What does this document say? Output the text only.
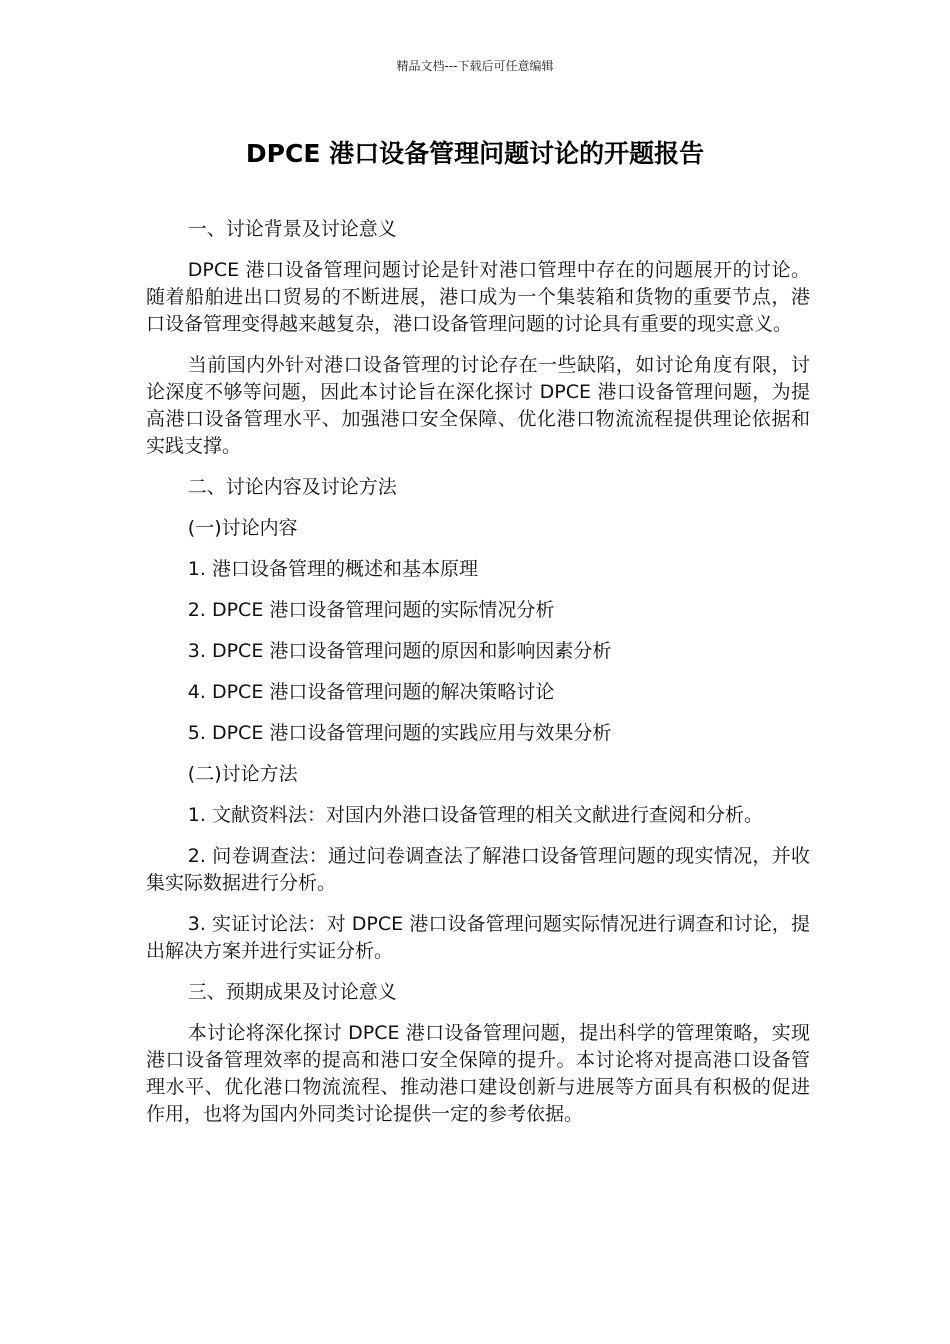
精品文档---下载后可任意编辑
DPCE 港口设备管理问题讨论的开题报告

一、讨论背景及讨论意义

DPCE 港口设备管理问题讨论是针对港口管理中存在的问题展开的讨论。随着船舶进出口贸易的不断进展，港口成为一个集装箱和货物的重要节点，港口设备管理变得越来越复杂，港口设备管理问题的讨论具有重要的现实意义。

当前国内外针对港口设备管理的讨论存在一些缺陷，如讨论角度有限，讨论深度不够等问题，因此本讨论旨在深化探讨 DPCE 港口设备管理问题，为提高港口设备管理水平、加强港口安全保障、优化港口物流流程提供理论依据和实践支撑。

二、讨论内容及讨论方法

(一)讨论内容

1. 港口设备管理的概述和基本原理

2. DPCE 港口设备管理问题的实际情况分析

3. DPCE 港口设备管理问题的原因和影响因素分析

4. DPCE 港口设备管理问题的解决策略讨论

5. DPCE 港口设备管理问题的实践应用与效果分析

(二)讨论方法

1. 文献资料法：对国内外港口设备管理的相关文献进行查阅和分析。

2. 问卷调查法：通过问卷调查法了解港口设备管理问题的现实情况，并收集实际数据进行分析。

3. 实证讨论法：对 DPCE 港口设备管理问题实际情况进行调查和讨论，提出解决方案并进行实证分析。

三、预期成果及讨论意义

本讨论将深化探讨 DPCE 港口设备管理问题，提出科学的管理策略，实现港口设备管理效率的提高和港口安全保障的提升。本讨论将对提高港口设备管理水平、优化港口物流流程、推动港口建设创新与进展等方面具有积极的促进作用，也将为国内外同类讨论提供一定的参考依据。
